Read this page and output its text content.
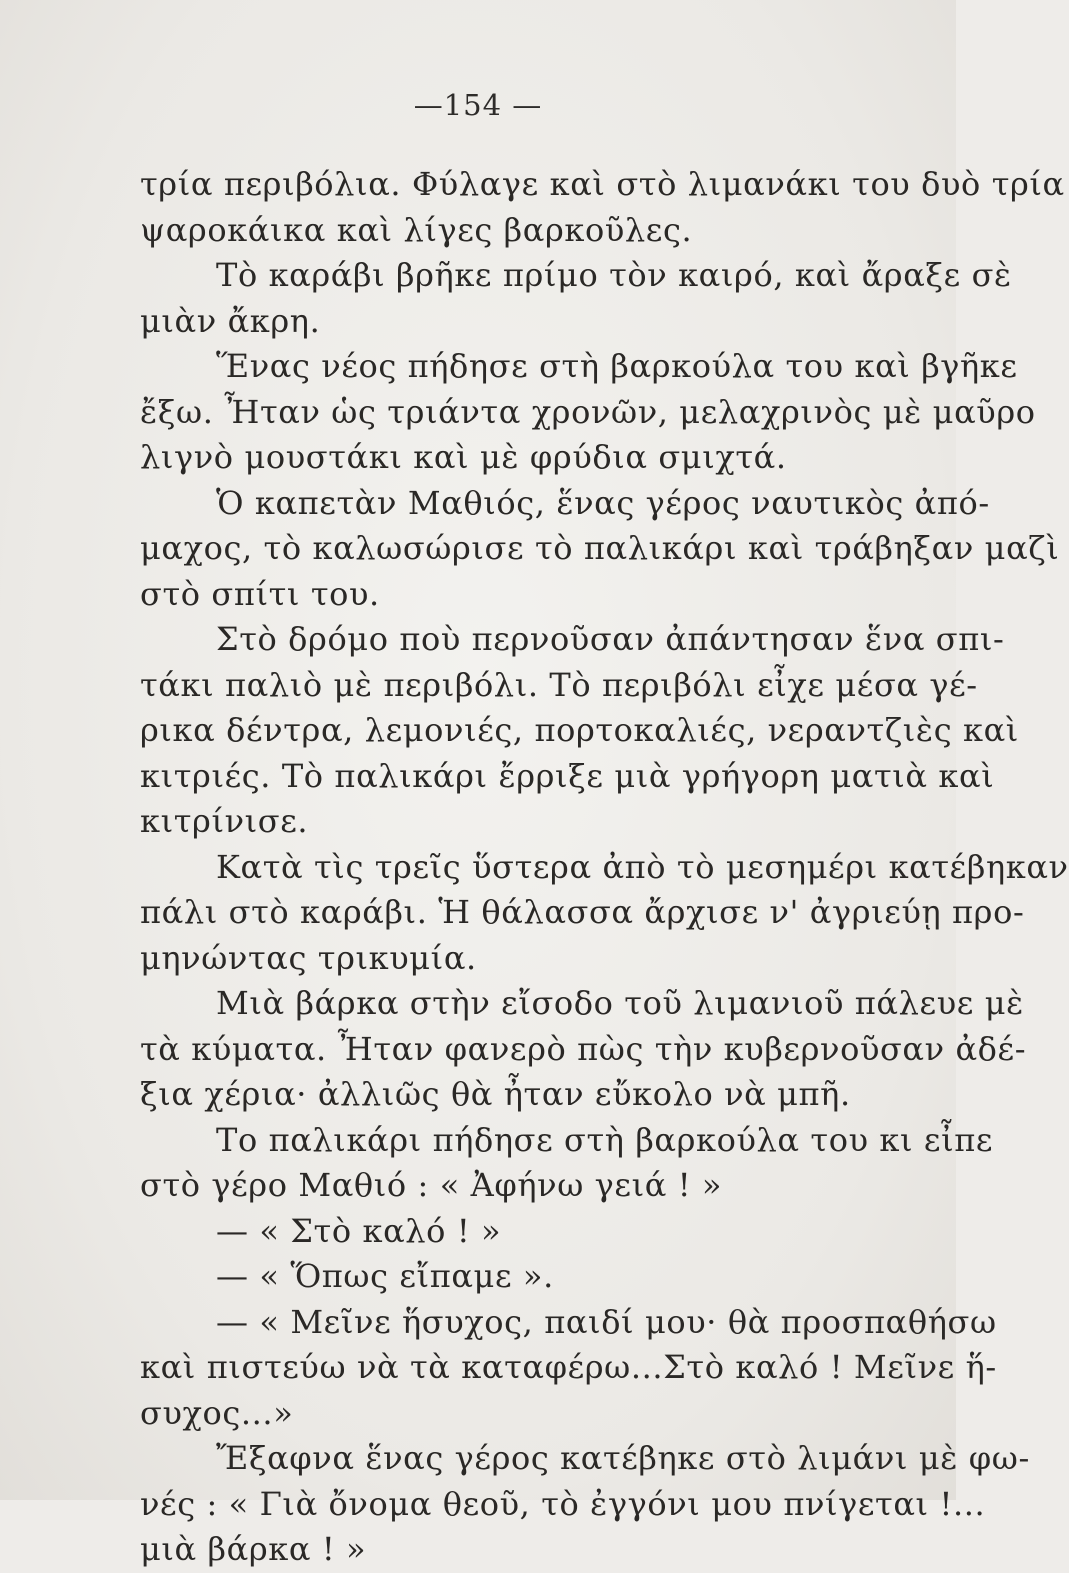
—154 —
τρία περιβόλια. Φύλαγε καὶ στὸ λιμανάκι του δυὸ τρία
ψαροκάικα καὶ λίγες βαρκοῦλες.
Τὸ καράβι βρῆκε πρίμο τὸν καιρό, καὶ ἄραξε σὲ
μιὰν ἄκρη.
Ἕνας νέος πήδησε στὴ βαρκούλα του καὶ βγῆκε
ἔξω. Ἦταν ὡς τριάντα χρονῶν, μελαχρινὸς μὲ μαῦρο
λιγνὸ μουστάκι καὶ μὲ φρύδια σμιχτά.
Ὁ καπετὰν Μαθιός, ἕνας γέρος ναυτικὸς ἀπό-
μαχος, τὸ καλωσώρισε τὸ παλικάρι καὶ τράβηξαν μαζὶ
στὸ σπίτι του.
Στὸ δρόμο ποὺ περνοῦσαν ἀπάντησαν ἕνα σπι-
τάκι παλιὸ μὲ περιβόλι. Τὸ περιβόλι εἶχε μέσα γέ-
ρικα δέντρα, λεμονιές, πορτοκαλιές, νεραντζιὲς καὶ
κιτριές. Τὸ παλικάρι ἔρριξε μιὰ γρήγορη ματιὰ καὶ
κιτρίνισε.
Κατὰ τὶς τρεῖς ὕστερα ἀπὸ τὸ μεσημέρι κατέβηκαν
πάλι στὸ καράβι. Ἡ θάλασσα ἄρχισε ν' ἀγριεύῃ προ-
μηνώντας τρικυμία.
Μιὰ βάρκα στὴν εἴσοδο τοῦ λιμανιοῦ πάλευε μὲ
τὰ κύματα. Ἦταν φανερὸ πὼς τὴν κυβερνοῦσαν ἀδέ-
ξια χέρια· ἀλλιῶς θὰ ἦταν εὔκολο νὰ μπῆ.
Το παλικάρι πήδησε στὴ βαρκούλα του κι εἶπε
στὸ γέρο Μαθιό : « Ἀφήνω γειά ! »
— « Στὸ καλό ! »
— « Ὅπως εἴπαμε ».
— « Μεῖνε ἥσυχος, παιδί μου· θὰ προσπαθήσω
καὶ πιστεύω νὰ τὰ καταφέρω...Στὸ καλό ! Μεῖνε ἥ-
συχος...»
Ἔξαφνα ἕνας γέρος κατέβηκε στὸ λιμάνι μὲ φω-
νές : « Γιὰ ὄνομα θεοῦ, τὸ ἐγγόνι μου πνίγεται !...
μιὰ βάρκα ! »
